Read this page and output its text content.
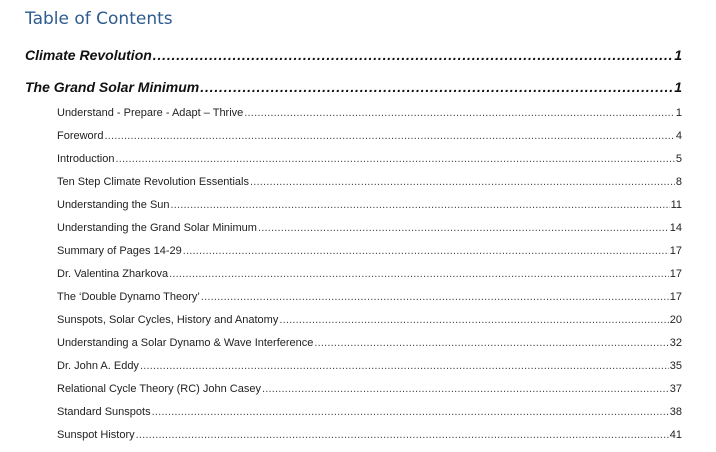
Table of Contents
Climate Revolution .....	1
The Grand Solar Minimum .....	1
Understand - Prepare - Adapt – Thrive .....	1
Foreword .....	4
Introduction .....	5
Ten Step Climate Revolution Essentials .....	8
Understanding the Sun .....	11
Understanding the Grand Solar Minimum .....	14
Summary of Pages 14-29 .....	17
Dr. Valentina Zharkova .....	17
The ‘Double Dynamo Theory’ .....	17
Sunspots, Solar Cycles, History and Anatomy .....	20
Understanding a Solar Dynamo & Wave Interference .....	32
Dr. John A. Eddy .....	35
Relational Cycle Theory (RC) John Casey .....	37
Standard Sunspots .....	38
Sunspot History .....	41
